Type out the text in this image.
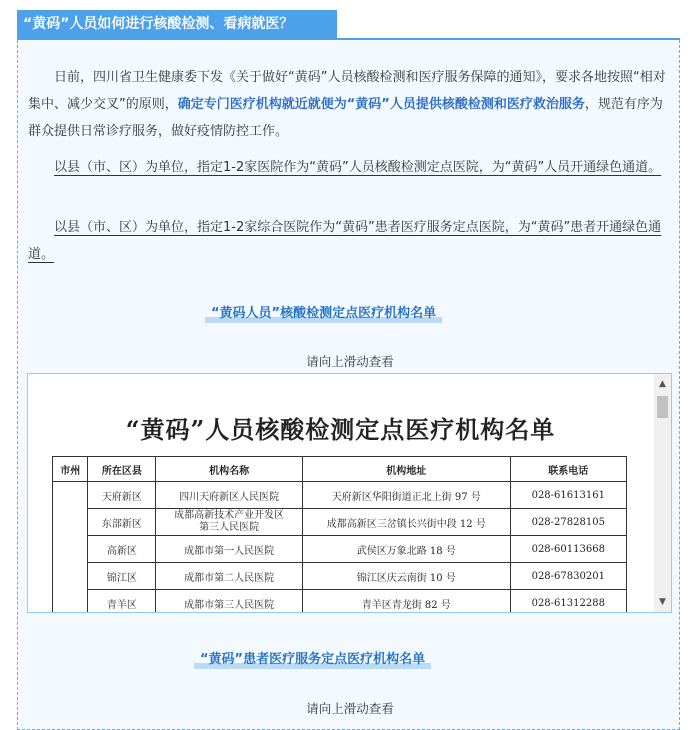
“黄码”人员如何进行核酸检测、看病就医？

日前，四川省卫生健康委下发《关于做好“黄码”人员核酸检测和医疗服务保障的通知》，要求各地按照“相对集中、减少交叉”的原则，确定专门医疗机构就近就便为“黄码”人员提供核酸检测和医疗救治服务，规范有序为群众提供日常诊疗服务，做好疫情防控工作。

以县（市、区）为单位，指定1-2家医院作为“黄码”人员核酸检测定点医院，为“黄码”人员开通绿色通道。

以县（市、区）为单位，指定1-2家综合医院作为“黄码”患者医疗服务定点医院，为“黄码”患者开通绿色通道。

“黄码人员”核酸检测定点医疗机构名单
请向上滑动查看
“黄码”人员核酸检测定点医疗机构名单
市州	所在区县	机构名称	机构地址	联系电话
	天府新区	四川天府新区人民医院	天府新区华阳街道正北上街 97 号	028-61613161
	东部新区	成都高新技术产业开发区
第三人民医院	成都高新区三岔镇长兴街中段 12 号	028-27828105
	高新区	成都市第一人民医院	武侯区万象北路 18 号	028-60113668
	锦江区	成都市第二人民医院	锦江区庆云南街 10 号	028-67830201
	青羊区	成都市第三人民医院	青羊区青龙街 82 号	028-61312288
▲
▼
“黄码”患者医疗服务定点医疗机构名单
请向上滑动查看
